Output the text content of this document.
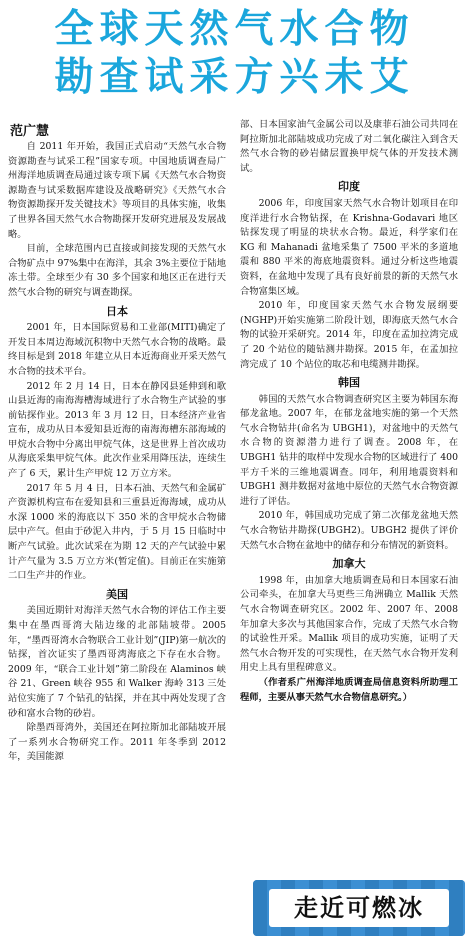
全球天然气水合物
勘查试采方兴未艾
范广慧

自 2011 年开始，我国正式启动“天然气水合物资源勘查与试采工程”国家专项。中国地质调查局广州海洋地质调查局通过该专项下属《天然气水合物资源勘查与试采数据库建设及战略研究》《天然气水合物资源勘探开发关键技术》等项目的具体实施，收集了世界各国天然气水合物勘探开发研究进展及发展战略。

目前，全球范围内已直接或间接发现的天然气水合物矿点中 97%集中在海洋，其余 3%主要位于陆地冻土带。全球至少有 30 多个国家和地区正在进行天然气水合物的研究与调查勘探。

日本

2001 年，日本国际贸易和工业部(MITI)确定了开发日本周边海域沉积物中天然气水合物的战略。最终目标是到 2018 年建立从日本近海商业开采天然气水合物的技术平台。

2012 年 2 月 14 日，日本在静冈县延伸到和歌山县近海的南海海槽海域进行了水合物生产试验的事前钻探作业。2013 年 3 月 12 日，日本经济产业省宣布，成功从日本爱知县近海的南海海槽东部海域的甲烷水合物中分离出甲烷气体，这是世界上首次成功从海底采集甲烷气体。此次作业采用降压法，连续生产了 6 天，累计生产甲烷 12 万立方米。

2017 年 5 月 4 日，日本石油、天然气和金属矿产资源机构宣布在爱知县和三重县近海海域，成功从水深 1000 米的海底以下 350 米的含甲烷水合物储层中产气。但由于砂泥入井内，于 5 月 15 日临时中断产气试验。此次试采在为期 12 天的产气试验中累计产气量为 3.5 万立方米(暂定值)。目前正在实施第二口生产井的作业。

美国

美国近期针对海洋天然气水合物的评估工作主要集中在墨西哥湾大陆边缘的北部陆坡带。2005 年，“墨西哥湾水合物联合工业计划”(JIP)第一航次的钻探，首次证实了墨西哥湾海底之下存在水合物。2009 年，“联合工业计划”第二阶段在 Alaminos 峡谷 21、Green 峡谷 955 和 Walker 海岭 313 三处站位实施了 7 个钻孔的钻探，并在其中两处发现了含砂和富水合物的砂岩。

除墨西哥湾外，美国还在阿拉斯加北部陆坡开展了一系列水合物研究工作。2011 年冬季到 2012 年，美国能源

部、日本国家油气金属公司以及康菲石油公司共同在阿拉斯加北部陆坡成功完成了对二氧化碳注入到含天然气水合物的砂岩储层置换甲烷气体的开发技术测试。

印度

2006 年，印度国家天然气水合物计划项目在印度洋进行水合物钻探，在 Krishna-Godavari 地区钻探发现了明显的块状水合物。最近，科学家们在 KG 和 Mahanadi 盆地采集了 7500 平米的多道地震和 880 平米的海底地震资料。通过分析这些地震资料，在盆地中发现了具有良好前景的新的天然气水合物富集区域。

2010 年，印度国家天然气水合物发展纲要(NGHP)开始实施第二阶段计划，即海底天然气水合物的试验开采研究。2014 年，印度在孟加拉湾完成了 20 个站位的随钻测井勘探。2015 年，在孟加拉湾完成了 10 个站位的取芯和电缆测井勘探。

韩国

韩国的天然气水合物调查研究区主要为韩国东海郁龙盆地。2007 年，在郁龙盆地实施的第一个天然气水合物钻井(命名为 UBGH1)，对盆地中的天然气水合物的资源潜力进行了调查。2008 年，在 UBGH1 钻井的取样中发现水合物的区域进行了 400 平方千米的三维地震调查。同年，利用地震资料和 UBGH1 测井数据对盆地中原位的天然气水合物资源进行了评估。

2010 年，韩国成功完成了第二次郁龙盆地天然气水合物钻井勘探(UBGH2)。UBGH2 提供了评价天然气水合物在盆地中的储存和分布情况的新资料。

加拿大

1998 年，由加拿大地质调查局和日本国家石油公司牵头，在加拿大马更些三角洲确立 Mallik 天然气水合物调查研究区。2002 年、2007 年、2008 年加拿大多次与其他国家合作，完成了天然气水合物的试验性开采。Mallik 项目的成功实施，证明了天然气水合物开发的可实现性，在天然气水合物开发利用史上具有里程碑意义。

（作者系广州海洋地质调查局信息资料所助理工程师，主要从事天然气水合物信息研究。）

走近可燃冰
